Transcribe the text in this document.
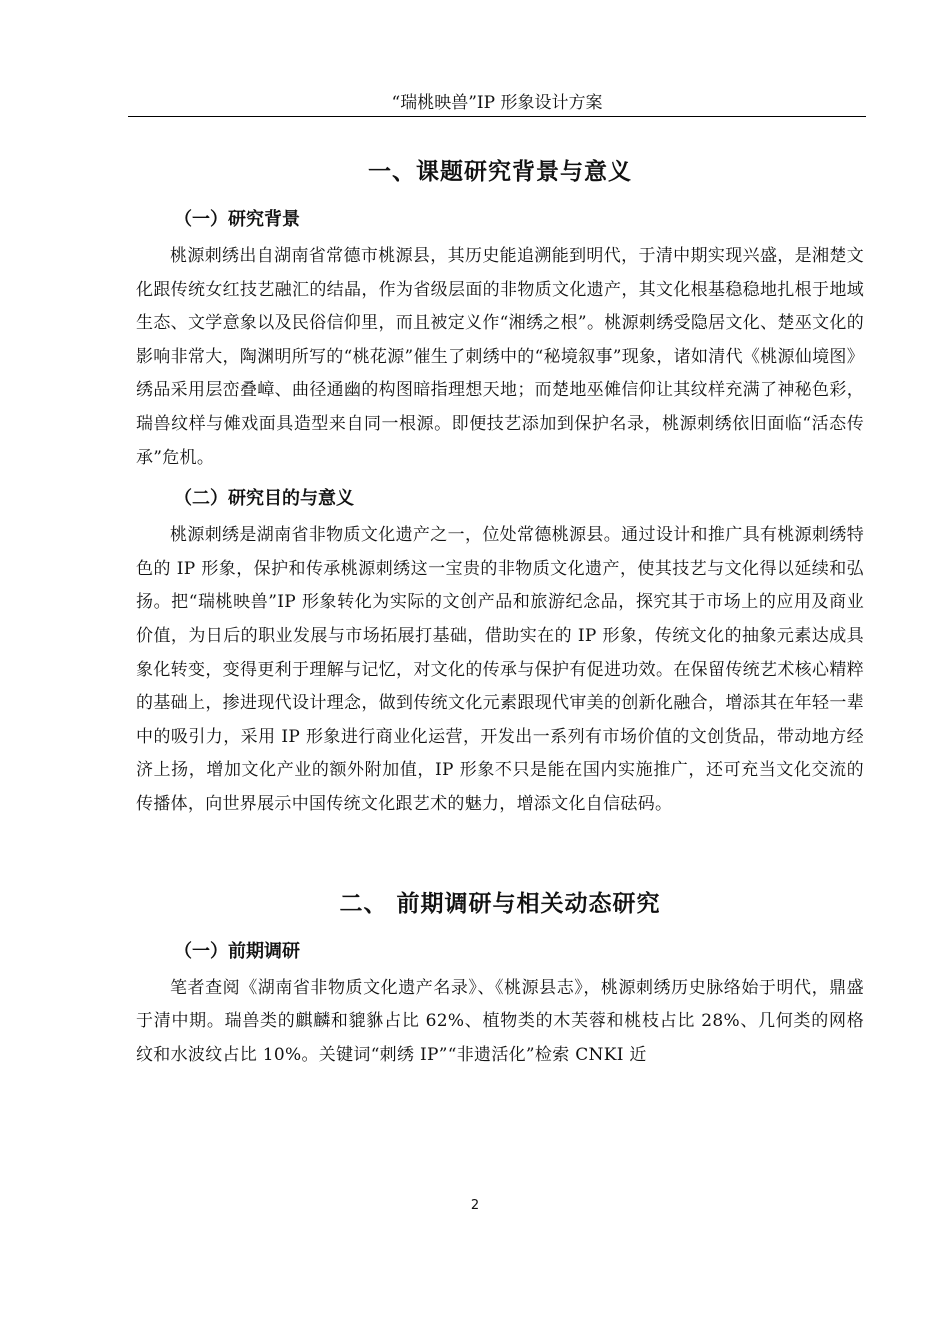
“瑞桃映兽”IP 形象设计方案
一、课题研究背景与意义
（一）研究背景

桃源刺绣出自湖南省常德市桃源县，其历史能追溯能到明代，于清中期实现兴盛，是湘楚文化跟传统女红技艺融汇的结晶，作为省级层面的非物质文化遗产，其文化根基稳稳地扎根于地域生态、文学意象以及民俗信仰里，而且被定义作“湘绣之根”。桃源刺绣受隐居文化、楚巫文化的影响非常大，陶渊明所写的“桃花源”催生了刺绣中的“秘境叙事”现象，诸如清代《桃源仙境图》绣品采用层峦叠嶂、曲径通幽的构图暗指理想天地；而楚地巫傩信仰让其纹样充满了神秘色彩，瑞兽纹样与傩戏面具造型来自同一根源。即便技艺添加到保护名录，桃源刺绣依旧面临“活态传承”危机。

（二）研究目的与意义

桃源刺绣是湖南省非物质文化遗产之一，位处常德桃源县。通过设计和推广具有桃源刺绣特色的 IP 形象，保护和传承桃源刺绣这一宝贵的非物质文化遗产，使其技艺与文化得以延续和弘扬。把“瑞桃映兽”IP 形象转化为实际的文创产品和旅游纪念品，探究其于市场上的应用及商业价值，为日后的职业发展与市场拓展打基础，借助实在的 IP 形象，传统文化的抽象元素达成具象化转变，变得更利于理解与记忆，对文化的传承与保护有促进功效。在保留传统艺术核心精粹的基础上，掺进现代设计理念，做到传统文化元素跟现代审美的创新化融合，增添其在年轻一辈中的吸引力，采用 IP 形象进行商业化运营，开发出一系列有市场价值的文创货品，带动地方经济上扬，增加文化产业的额外附加值，IP 形象不只是能在国内实施推广，还可充当文化交流的传播体，向世界展示中国传统文化跟艺术的魅力，增添文化自信砝码。

二、 前期调研与相关动态研究
（一）前期调研

笔者查阅《湖南省非物质文化遗产名录》、《桃源县志》，桃源刺绣历史脉络始于明代，鼎盛于清中期。瑞兽类的麒麟和貔貅占比 62%、植物类的木芙蓉和桃枝占比 28%、几何类的网格纹和水波纹占比 10%。关键词“刺绣 IP”“非遗活化”检索 CNKI 近

2
